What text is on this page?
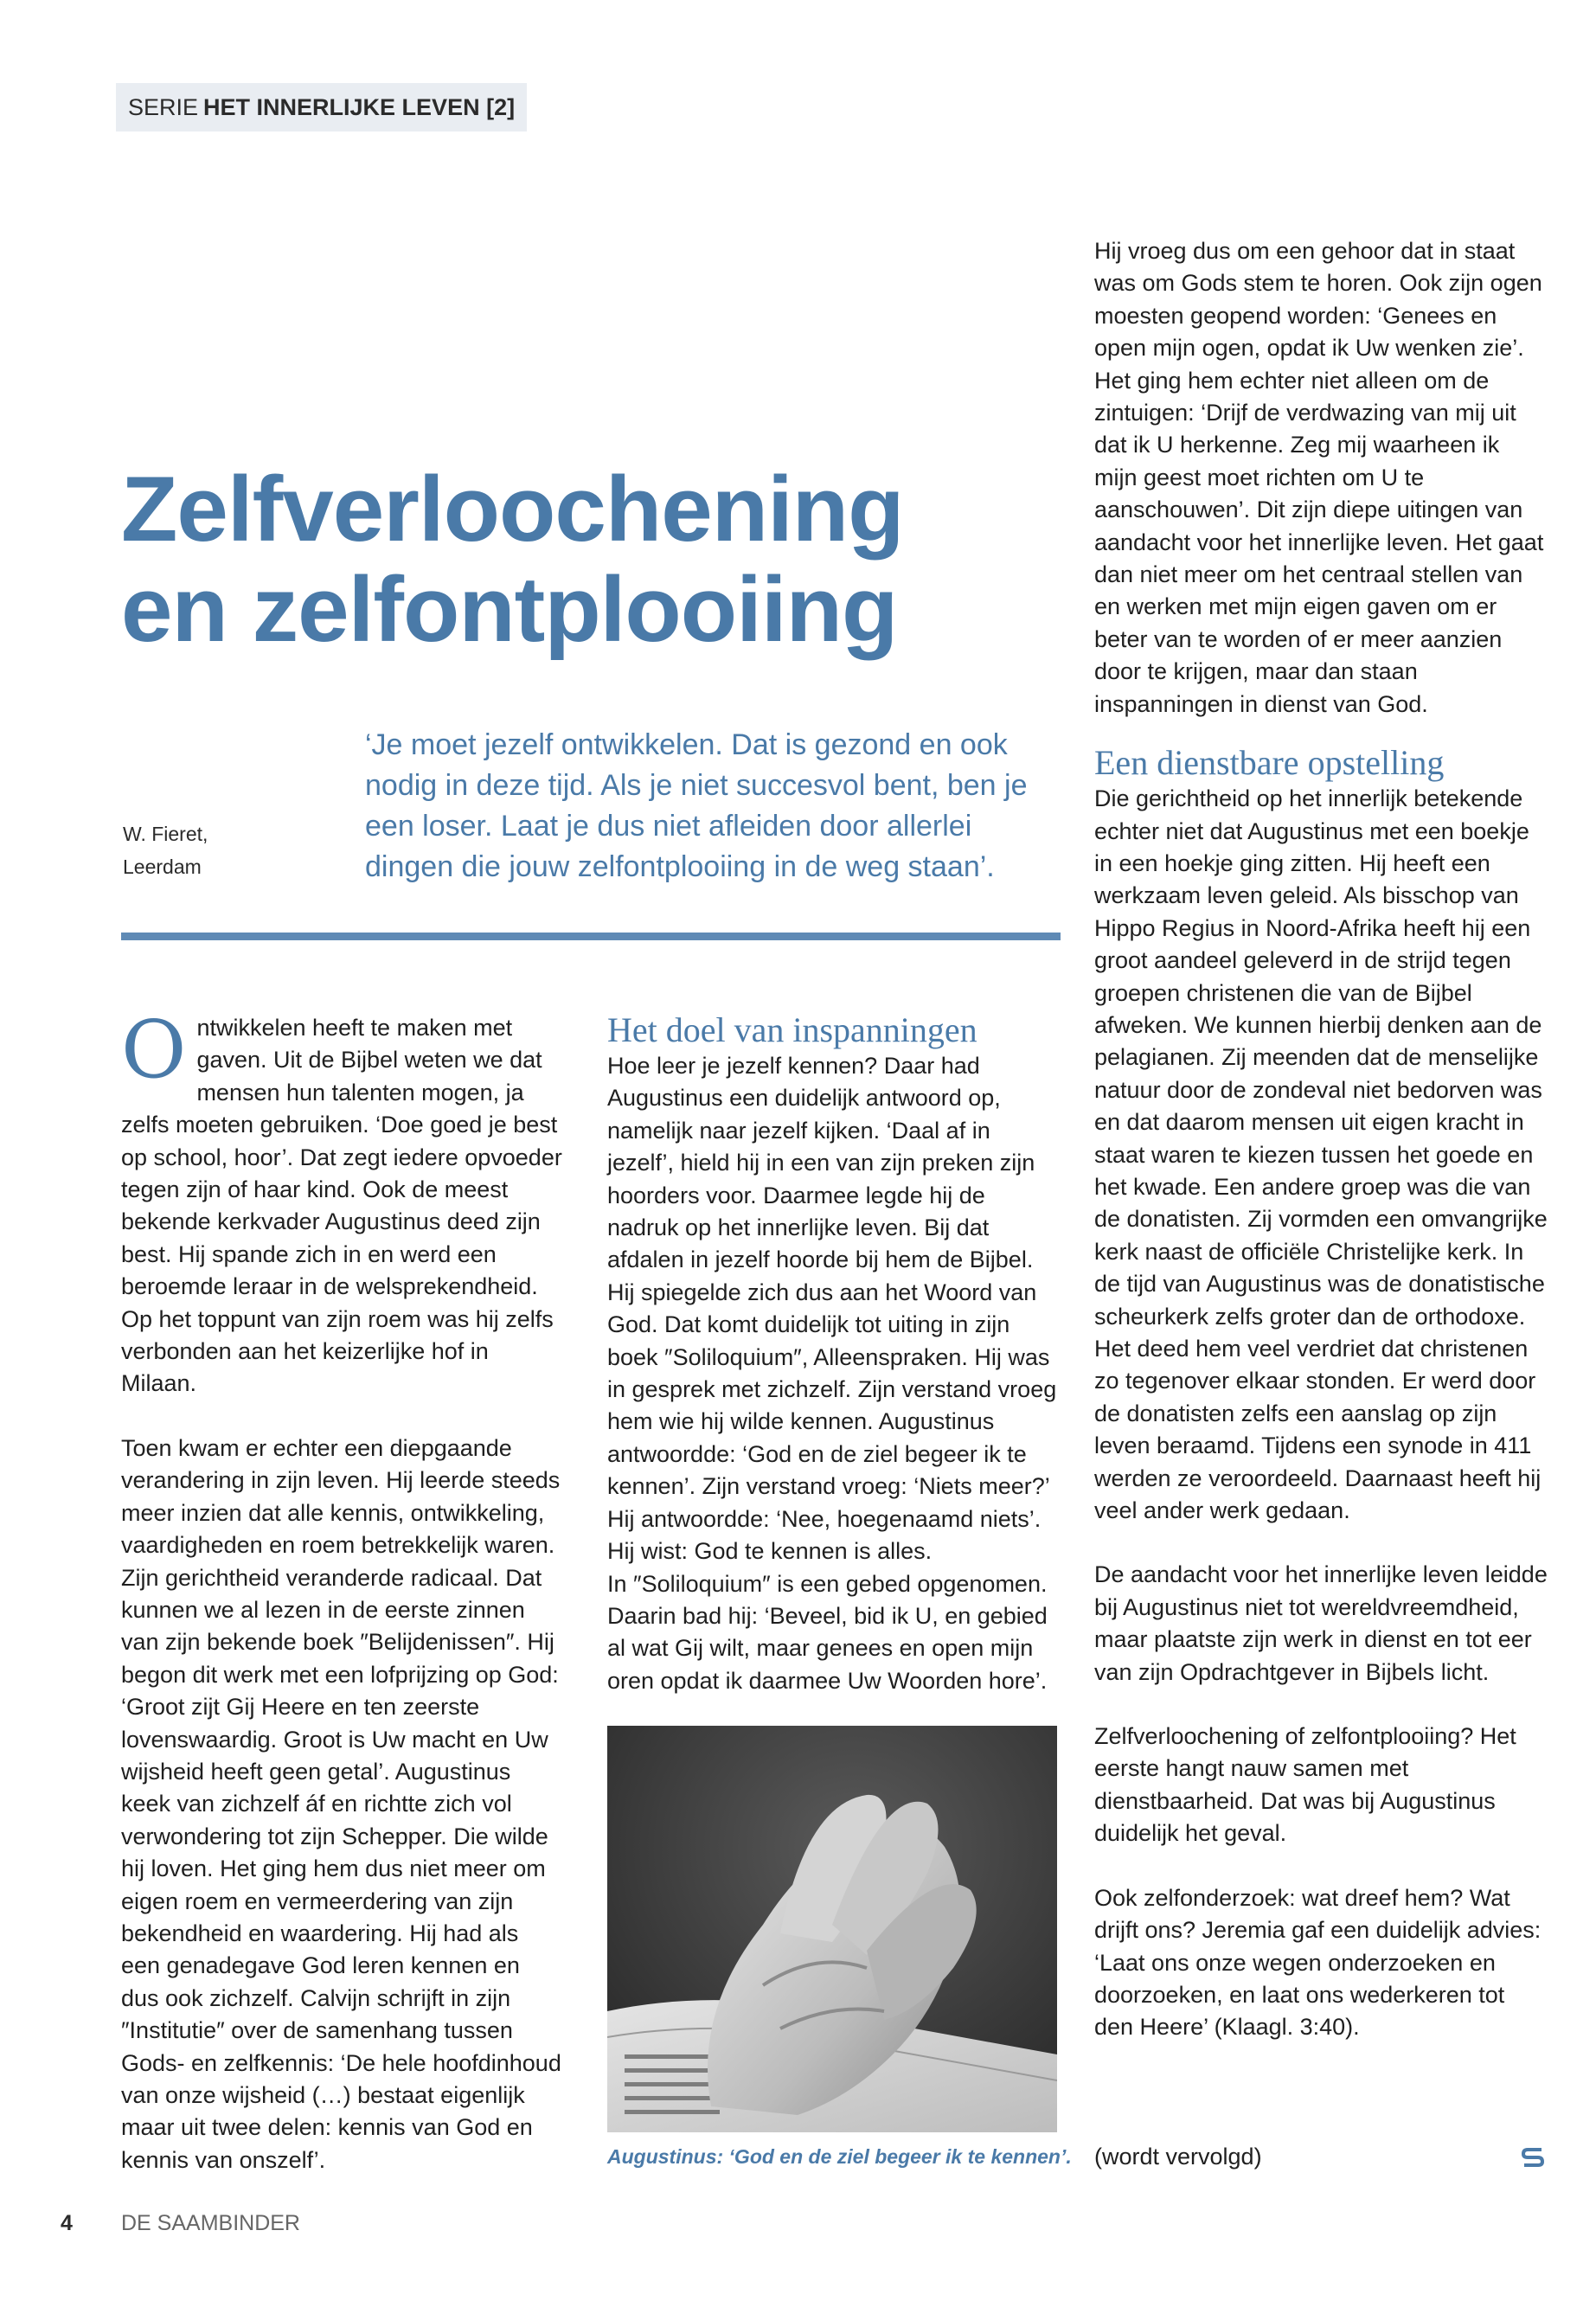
SERIE HET INNERLIJKE LEVEN [2]
Zelfverloochening
en zelfontplooiing
W. Fieret,
Leerdam

‘Je moet jezelf ontwikkelen. Dat is gezond en ook nodig in deze tijd. Als je niet succesvol bent, ben je een loser. Laat je dus niet afleiden door allerlei dingen die jouw zelfontplooiing in de weg staan’.

Ontwikkelen heeft te maken met gaven. Uit de Bijbel weten we dat mensen hun talenten mogen, ja zelfs moeten gebruiken. ‘Doe goed je best op school, hoor’. Dat zegt iedere opvoeder tegen zijn of haar kind. Ook de meest bekende kerkvader Augustinus deed zijn best. Hij spande zich in en werd een beroemde leraar in de welsprekendheid. Op het toppunt van zijn roem was hij zelfs verbonden aan het keizerlijke hof in Milaan.

Toen kwam er echter een diepgaande verandering in zijn leven. Hij leerde steeds meer inzien dat alle kennis, ontwikkeling, vaardigheden en roem betrekkelijk waren. Zijn gerichtheid veranderde radicaal. Dat kunnen we al lezen in de eerste zinnen van zijn bekende boek ″Belijdenissen″. Hij begon dit werk met een lofprijzing op God: ‘Groot zijt Gij Heere en ten zeerste lovenswaardig. Groot is Uw macht en Uw wijsheid heeft geen getal’. Augustinus keek van zichzelf áf en richtte zich vol verwondering tot zijn Schepper. Die wilde hij loven. Het ging hem dus niet meer om eigen roem en vermeerdering van zijn bekendheid en waardering. Hij had als een genadegave God leren kennen en dus ook zichzelf. Calvijn schrijft in zijn ″Institutie″ over de samenhang tussen Gods- en zelfkennis: ‘De hele hoofdinhoud van onze wijsheid (…) bestaat eigenlijk maar uit twee delen: kennis van God en kennis van onszelf’.

Het doel van inspanningen

Hoe leer je jezelf kennen? Daar had Augustinus een duidelijk antwoord op, namelijk naar jezelf kijken. ‘Daal af in jezelf’, hield hij in een van zijn preken zijn hoorders voor. Daarmee legde hij de nadruk op het innerlijke leven. Bij dat afdalen in jezelf hoorde bij hem de Bijbel. Hij spiegelde zich dus aan het Woord van God. Dat komt duidelijk tot uiting in zijn boek ″Soliloquium″, Alleenspraken. Hij was in gesprek met zichzelf. Zijn verstand vroeg hem wie hij wilde kennen. Augustinus antwoordde: ‘God en de ziel begeer ik te kennen’. Zijn verstand vroeg: ‘Niets meer?’ Hij antwoordde: ‘Nee, hoegenaamd niets’. Hij wist: God te kennen is alles.

In ″Soliloquium″ is een gebed opgenomen. Daarin bad hij: ‘Beveel, bid ik U, en gebied al wat Gij wilt, maar genees en open mijn oren opdat ik daarmee Uw Woorden hore’.

Augustinus: ‘God en de ziel begeer ik te kennen’.

Hij vroeg dus om een gehoor dat in staat was om Gods stem te horen. Ook zijn ogen moesten geopend worden: ‘Genees en open mijn ogen, opdat ik Uw wenken zie’. Het ging hem echter niet alleen om de zintuigen: ‘Drijf de verdwazing van mij uit dat ik U herkenne. Zeg mij waarheen ik mijn geest moet richten om U te aanschouwen’. Dit zijn diepe uitingen van aandacht voor het innerlijke leven. Het gaat dan niet meer om het centraal stellen van en werken met mijn eigen gaven om er beter van te worden of er meer aanzien door te krijgen, maar dan staan inspanningen in dienst van God.

Een dienstbare opstelling

Die gerichtheid op het innerlijk betekende echter niet dat Augustinus met een boekje in een hoekje ging zitten. Hij heeft een werkzaam leven geleid. Als bisschop van Hippo Regius in Noord-Afrika heeft hij een groot aandeel geleverd in de strijd tegen groepen christenen die van de Bijbel afweken. We kunnen hierbij denken aan de pelagianen. Zij meenden dat de menselijke natuur door de zondeval niet bedorven was en dat daarom mensen uit eigen kracht in staat waren te kiezen tussen het goede en het kwade. Een andere groep was die van de donatisten. Zij vormden een omvangrijke kerk naast de officiële Christelijke kerk. In de tijd van Augustinus was de donatistische scheurkerk zelfs groter dan de orthodoxe. Het deed hem veel verdriet dat christenen zo tegenover elkaar stonden. Er werd door de donatisten zelfs een aanslag op zijn leven beraamd. Tijdens een synode in 411 werden ze veroordeeld. Daarnaast heeft hij veel ander werk gedaan.

De aandacht voor het innerlijke leven leidde bij Augustinus niet tot wereldvreemdheid, maar plaatste zijn werk in dienst en tot eer van zijn Opdrachtgever in Bijbels licht.

Zelfverloochening of zelfontplooiing? Het eerste hangt nauw samen met dienstbaarheid. Dat was bij Augustinus duidelijk het geval.

Ook zelfonderzoek: wat dreef hem? Wat drijft ons? Jeremia gaf een duidelijk advies: ‘Laat ons onze wegen onderzoeken en doorzoeken, en laat ons wederkeren tot den Heere’ (Klaagl. 3:40).

(wordt vervolgd)
4 DE SAAMBINDER
